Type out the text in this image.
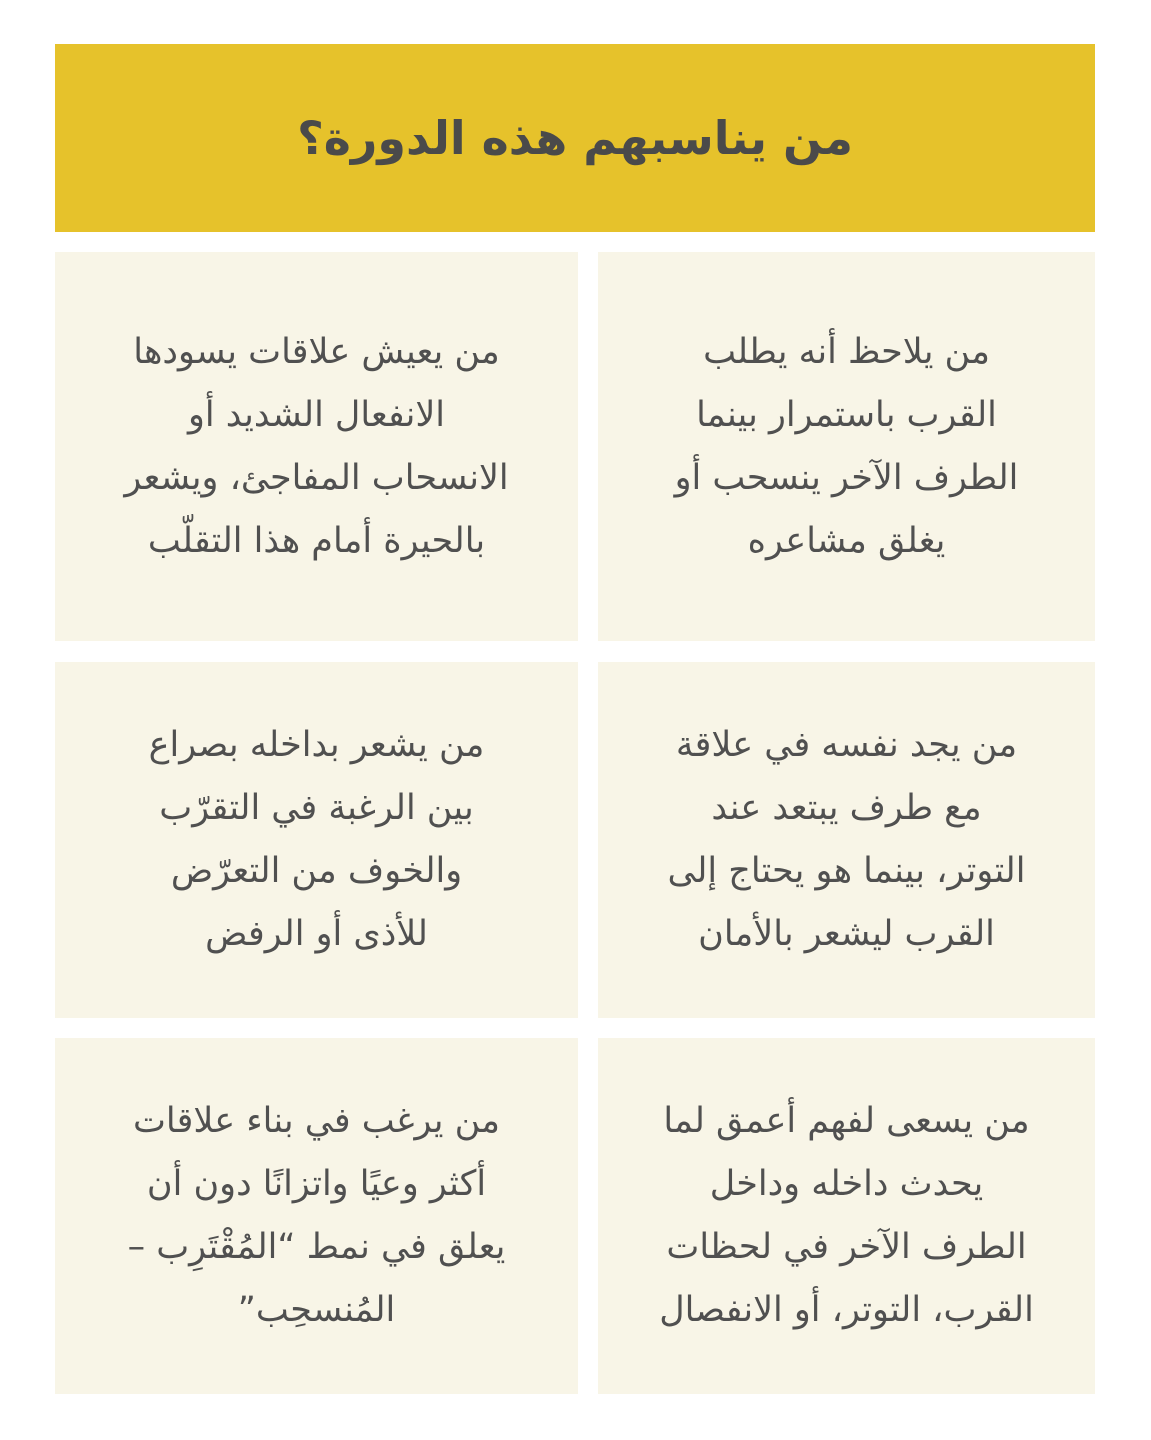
من يناسبهم هذه الدورة؟
من يلاحظ أنه يطلب
القرب باستمرار بينما
الطرف الآخر ينسحب أو
يغلق مشاعره
من يعيش علاقات يسودها
الانفعال الشديد أو
الانسحاب المفاجئ، ويشعر
بالحيرة أمام هذا التقلّب
من يجد نفسه في علاقة
مع طرف يبتعد عند
التوتر، بينما هو يحتاج إلى
القرب ليشعر بالأمان
من يشعر بداخله بصراع
بين الرغبة في التقرّب
والخوف من التعرّض
للأذى أو الرفض
من يسعى لفهم أعمق لما
يحدث داخله وداخل
الطرف الآخر في لحظات
القرب، التوتر، أو الانفصال
من يرغب في بناء علاقات
أكثر وعيًا واتزانًا دون أن
يعلق في نمط “المُقْتَرِب –
المُنسحِب”
